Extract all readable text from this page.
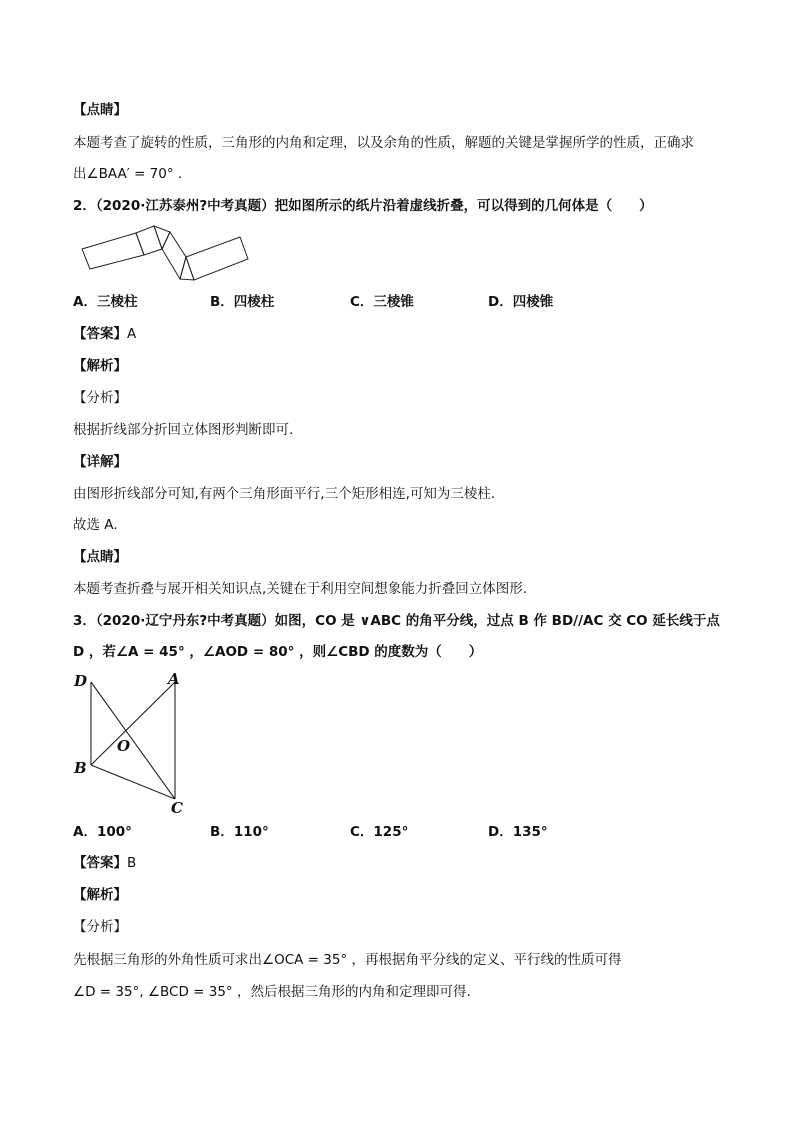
【点睛】
本题考查了旋转的性质，三角形的内角和定理，以及余角的性质，解题的关键是掌握所学的性质，正确求
出∠BAA′ = 70° .
2．（2020·江苏泰州?中考真题）把如图所示的纸片沿着虚线折叠，可以得到的几何体是（　　）
A．三棱柱	B．四棱柱	C．三棱锥	D．四棱锥
【答案】A
【解析】
【分析】
根据折线部分折回立体图形判断即可.
【详解】
由图形折线部分可知,有两个三角形面平行,三个矩形相连,可知为三棱柱.
故选 A.
【点睛】
本题考查折叠与展开相关知识点,关键在于利用空间想象能力折叠回立体图形.
3．（2020·辽宁丹东?中考真题）如图，CO 是 ∨ABC 的角平分线，过点 B 作 BD//AC 交 CO 延长线于点
D ，若∠A = 45° ，∠AOD = 80° ，则∠CBD 的度数为（　　）
D	A
O
B
C
A．100°	B．110°	C．125°	D．135°
【答案】B
【解析】
【分析】
先根据三角形的外角性质可求出∠OCA = 35° ，再根据角平分线的定义、平行线的性质可得
∠D = 35°, ∠BCD = 35° ，然后根据三角形的内角和定理即可得.
